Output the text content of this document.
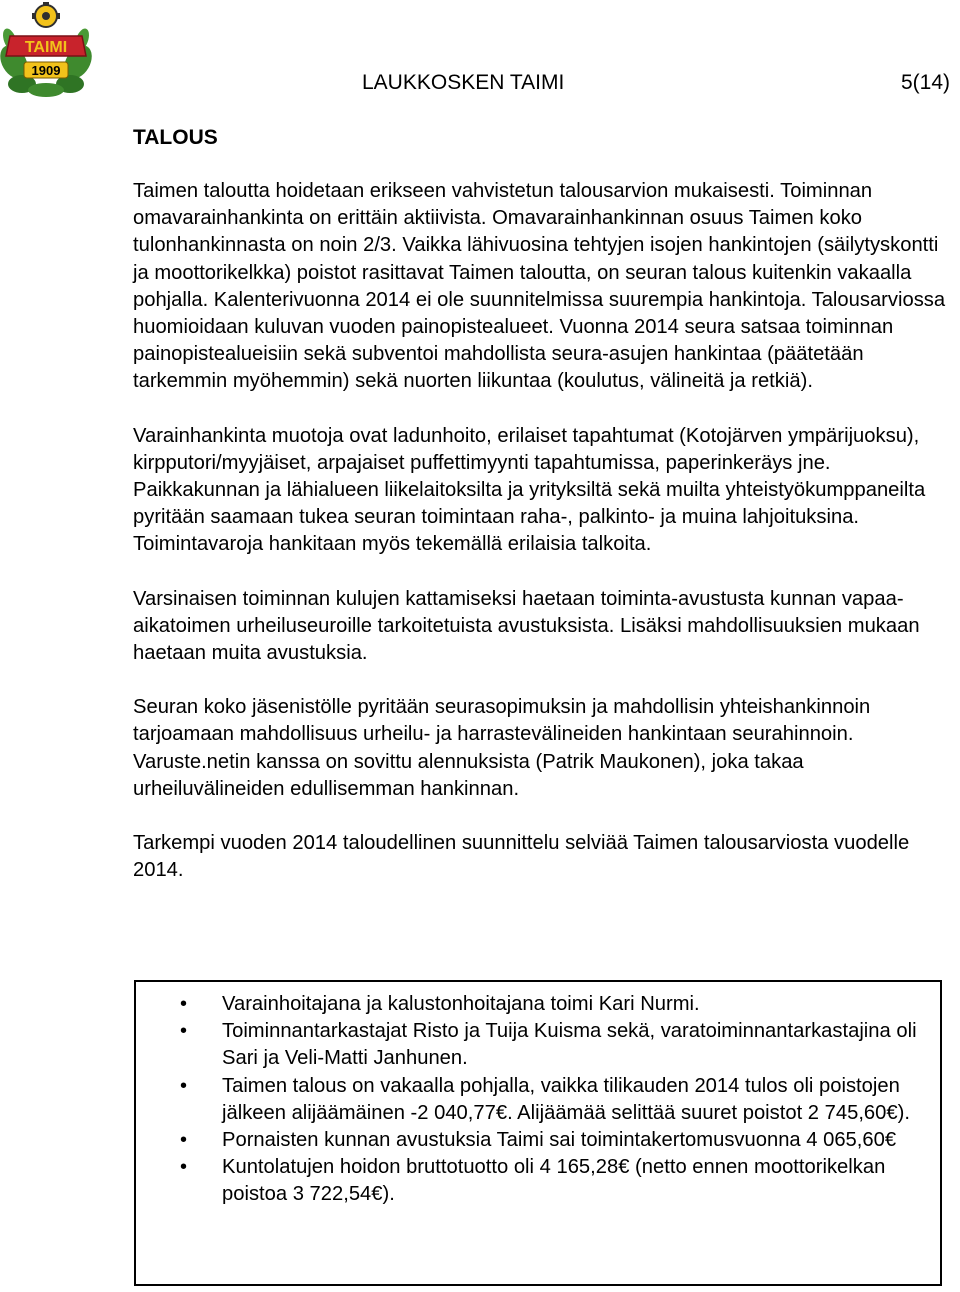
TAIMI
1909
LAUKKOSKEN TAIMI	5(14)
TALOUS

Taimen taloutta hoidetaan erikseen vahvistetun talousarvion mukaisesti. Toiminnan omavarainhankinta on erittäin aktiivista. Omavarainhankinnan osuus Taimen koko tulonhankinnasta on noin 2/3. Vaikka lähivuosina tehtyjen isojen hankintojen (säilytyskontti ja moottorikelkka) poistot rasittavat Taimen taloutta, on seuran talous kuitenkin vakaalla pohjalla. Kalenterivuonna 2014 ei ole suunnitelmissa suurempia hankintoja. Talousarviossa huomioidaan kuluvan vuoden painopistealueet. Vuonna 2014 seura satsaa toiminnan painopistealueisiin sekä subventoi mahdollista seura-asujen hankintaa (päätetään tarkemmin myöhemmin) sekä nuorten liikuntaa (koulutus, välineitä ja retkiä).

Varainhankinta muotoja ovat ladunhoito, erilaiset tapahtumat (Kotojärven ympärijuoksu), kirpputori/myyjäiset, arpajaiset puffettimyynti tapahtumissa, paperinkeräys jne. Paikkakunnan ja lähialueen liikelaitoksilta ja yrityksiltä sekä muilta yhteistyökumppaneilta pyritään saamaan tukea seuran toimintaan raha-, palkinto- ja muina lahjoituksina. Toimintavaroja hankitaan myös tekemällä erilaisia talkoita.

Varsinaisen toiminnan kulujen kattamiseksi haetaan toiminta-avustusta kunnan vapaa-aikatoimen urheiluseuroille tarkoitetuista avustuksista. Lisäksi mahdollisuuksien mukaan haetaan muita avustuksia.

Seuran koko jäsenistölle pyritään seurasopimuksin ja mahdollisin yhteishankinnoin tarjoamaan mahdollisuus urheilu- ja harrastevälineiden hankintaan seurahinnoin. Varuste.netin kanssa on sovittu alennuksista (Patrik Maukonen), joka takaa urheiluvälineiden edullisemman hankinnan.

Tarkempi vuoden 2014 taloudellinen suunnittelu selviää Taimen talousarviosta vuodelle 2014.

• Varainhoitajana ja kalustonhoitajana toimi Kari Nurmi.
• Toiminnantarkastajat Risto ja Tuija Kuisma sekä, varatoiminnantarkastajina oli Sari ja Veli-Matti Janhunen.
• Taimen talous on vakaalla pohjalla, vaikka tilikauden 2014 tulos oli poistojen jälkeen alijäämäinen -2 040,77€. Alijäämää selittää suuret poistot 2 745,60€).
• Pornaisten kunnan avustuksia Taimi sai toimintakertomusvuonna 4 065,60€
• Kuntolatujen hoidon bruttotuotto oli 4 165,28€ (netto ennen moottorikelkan poistoa 3 722,54€).
